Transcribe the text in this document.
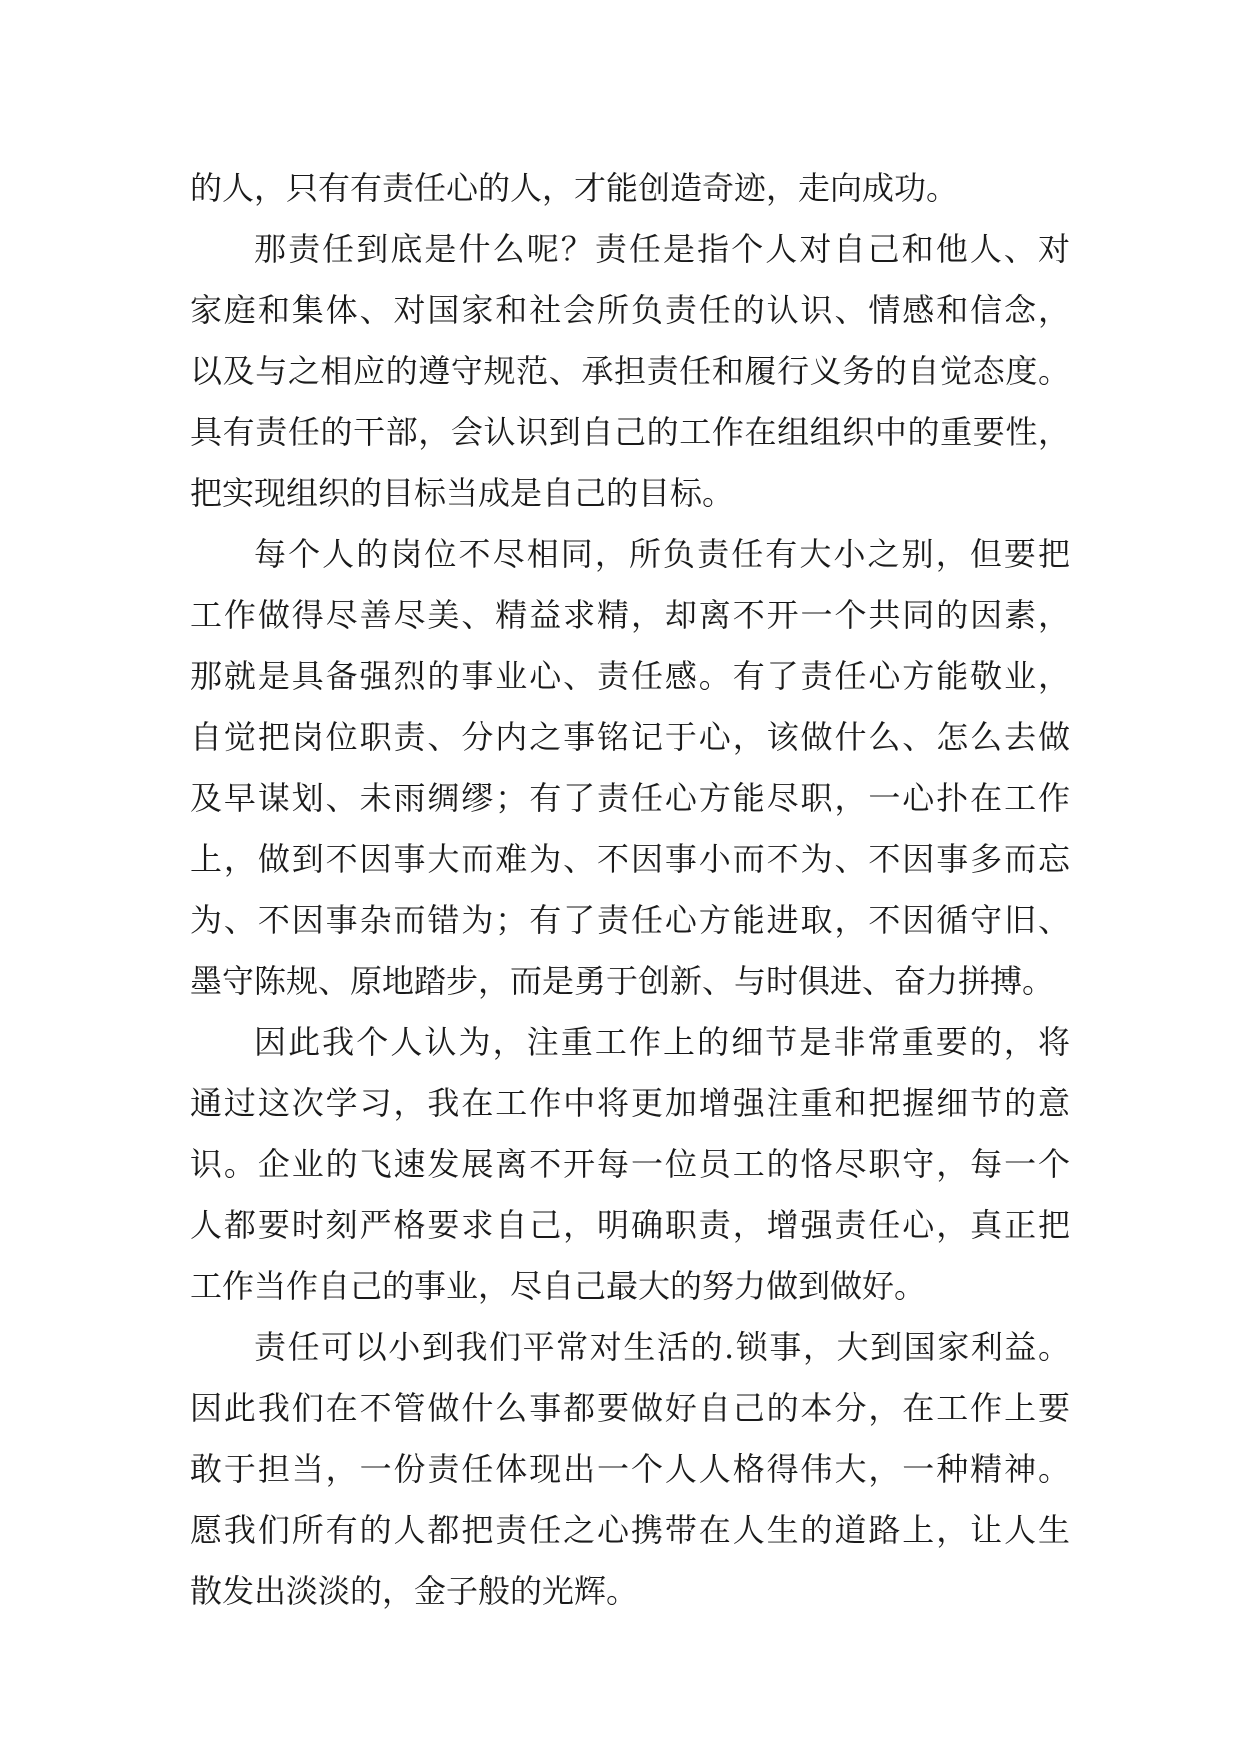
的人，只有有责任心的人，才能创造奇迹，走向成功。
那责任到底是什么呢？责任是指个人对自己和他人、对
家庭和集体、对国家和社会所负责任的认识、情感和信念，
以及与之相应的遵守规范、承担责任和履行义务的自觉态度。
具有责任的干部，会认识到自己的工作在组组织中的重要性，
把实现组织的目标当成是自己的目标。
每个人的岗位不尽相同，所负责任有大小之别，但要把
工作做得尽善尽美、精益求精，却离不开一个共同的因素，
那就是具备强烈的事业心、责任感。有了责任心方能敬业，
自觉把岗位职责、分内之事铭记于心，该做什么、怎么去做
及早谋划、未雨绸缪；有了责任心方能尽职，一心扑在工作
上，做到不因事大而难为、不因事小而不为、不因事多而忘
为、不因事杂而错为；有了责任心方能进取，不因循守旧、
墨守陈规、原地踏步，而是勇于创新、与时俱进、奋力拼搏。
因此我个人认为，注重工作上的细节是非常重要的，将
通过这次学习，我在工作中将更加增强注重和把握细节的意
识。企业的飞速发展离不开每一位员工的恪尽职守，每一个
人都要时刻严格要求自己，明确职责，增强责任心，真正把
工作当作自己的事业，尽自己最大的努力做到做好。
责任可以小到我们平常对生活的.锁事，大到国家利益。
因此我们在不管做什么事都要做好自己的本分，在工作上要
敢于担当，一份责任体现出一个人人格得伟大，一种精神。
愿我们所有的人都把责任之心携带在人生的道路上，让人生
散发出淡淡的，金子般的光辉。
